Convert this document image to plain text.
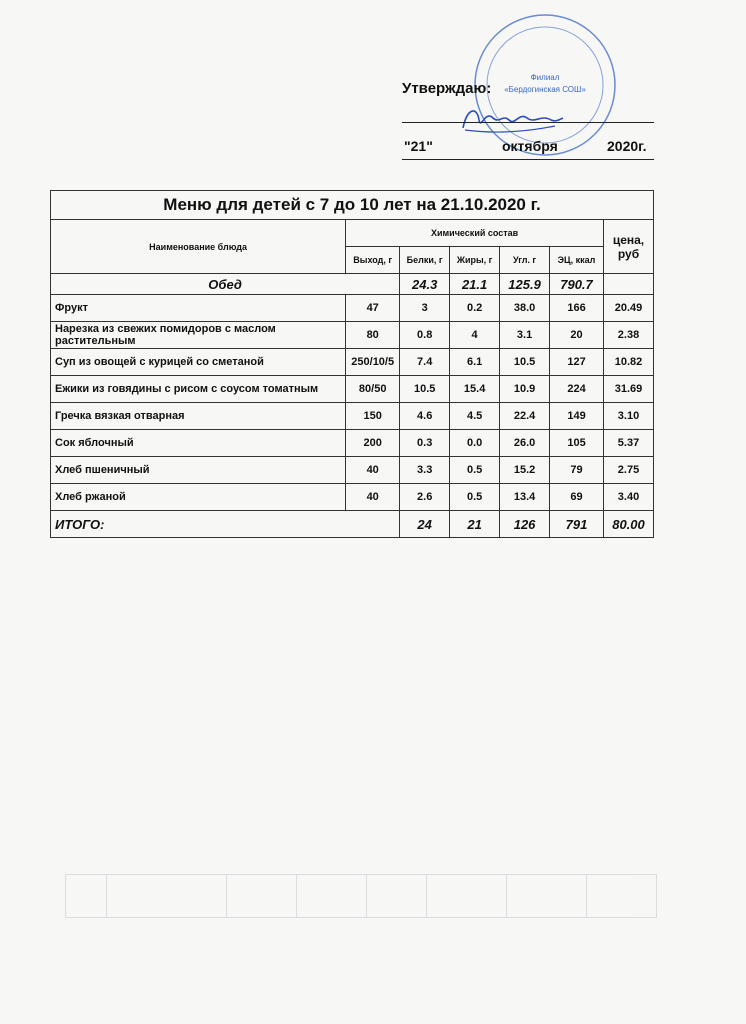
Филиал
«Бердогинская СОШ»
Утверждаю:
"21"	октября	2020г.
Меню для детей с 7 до 10 лет на 21.10.2020 г.						
Наименование блюда	Химический состав					цена, руб
	Выход, г	Белки, г	Жиры, г	Угл. г	ЭЦ, ккал	
Обед		24.3	21.1	125.9	790.7	
Фрукт	47	3	0.2	38.0	166	20.49
Нарезка из свежих помидоров с маслом растительным	80	0.8	4	3.1	20	2.38
Суп из овощей с курицей со сметаной	250/10/5	7.4	6.1	10.5	127	10.82
Ежики из говядины с рисом с соусом томатным	80/50	10.5	15.4	10.9	224	31.69
Гречка вязкая отварная	150	4.6	4.5	22.4	149	3.10
Сок яблочный	200	0.3	0.0	26.0	105	5.37
Хлеб пшеничный	40	3.3	0.5	15.2	79	2.75
Хлеб ржаной	40	2.6	0.5	13.4	69	3.40
ИТОГО:		24	21	126	791	80.00
